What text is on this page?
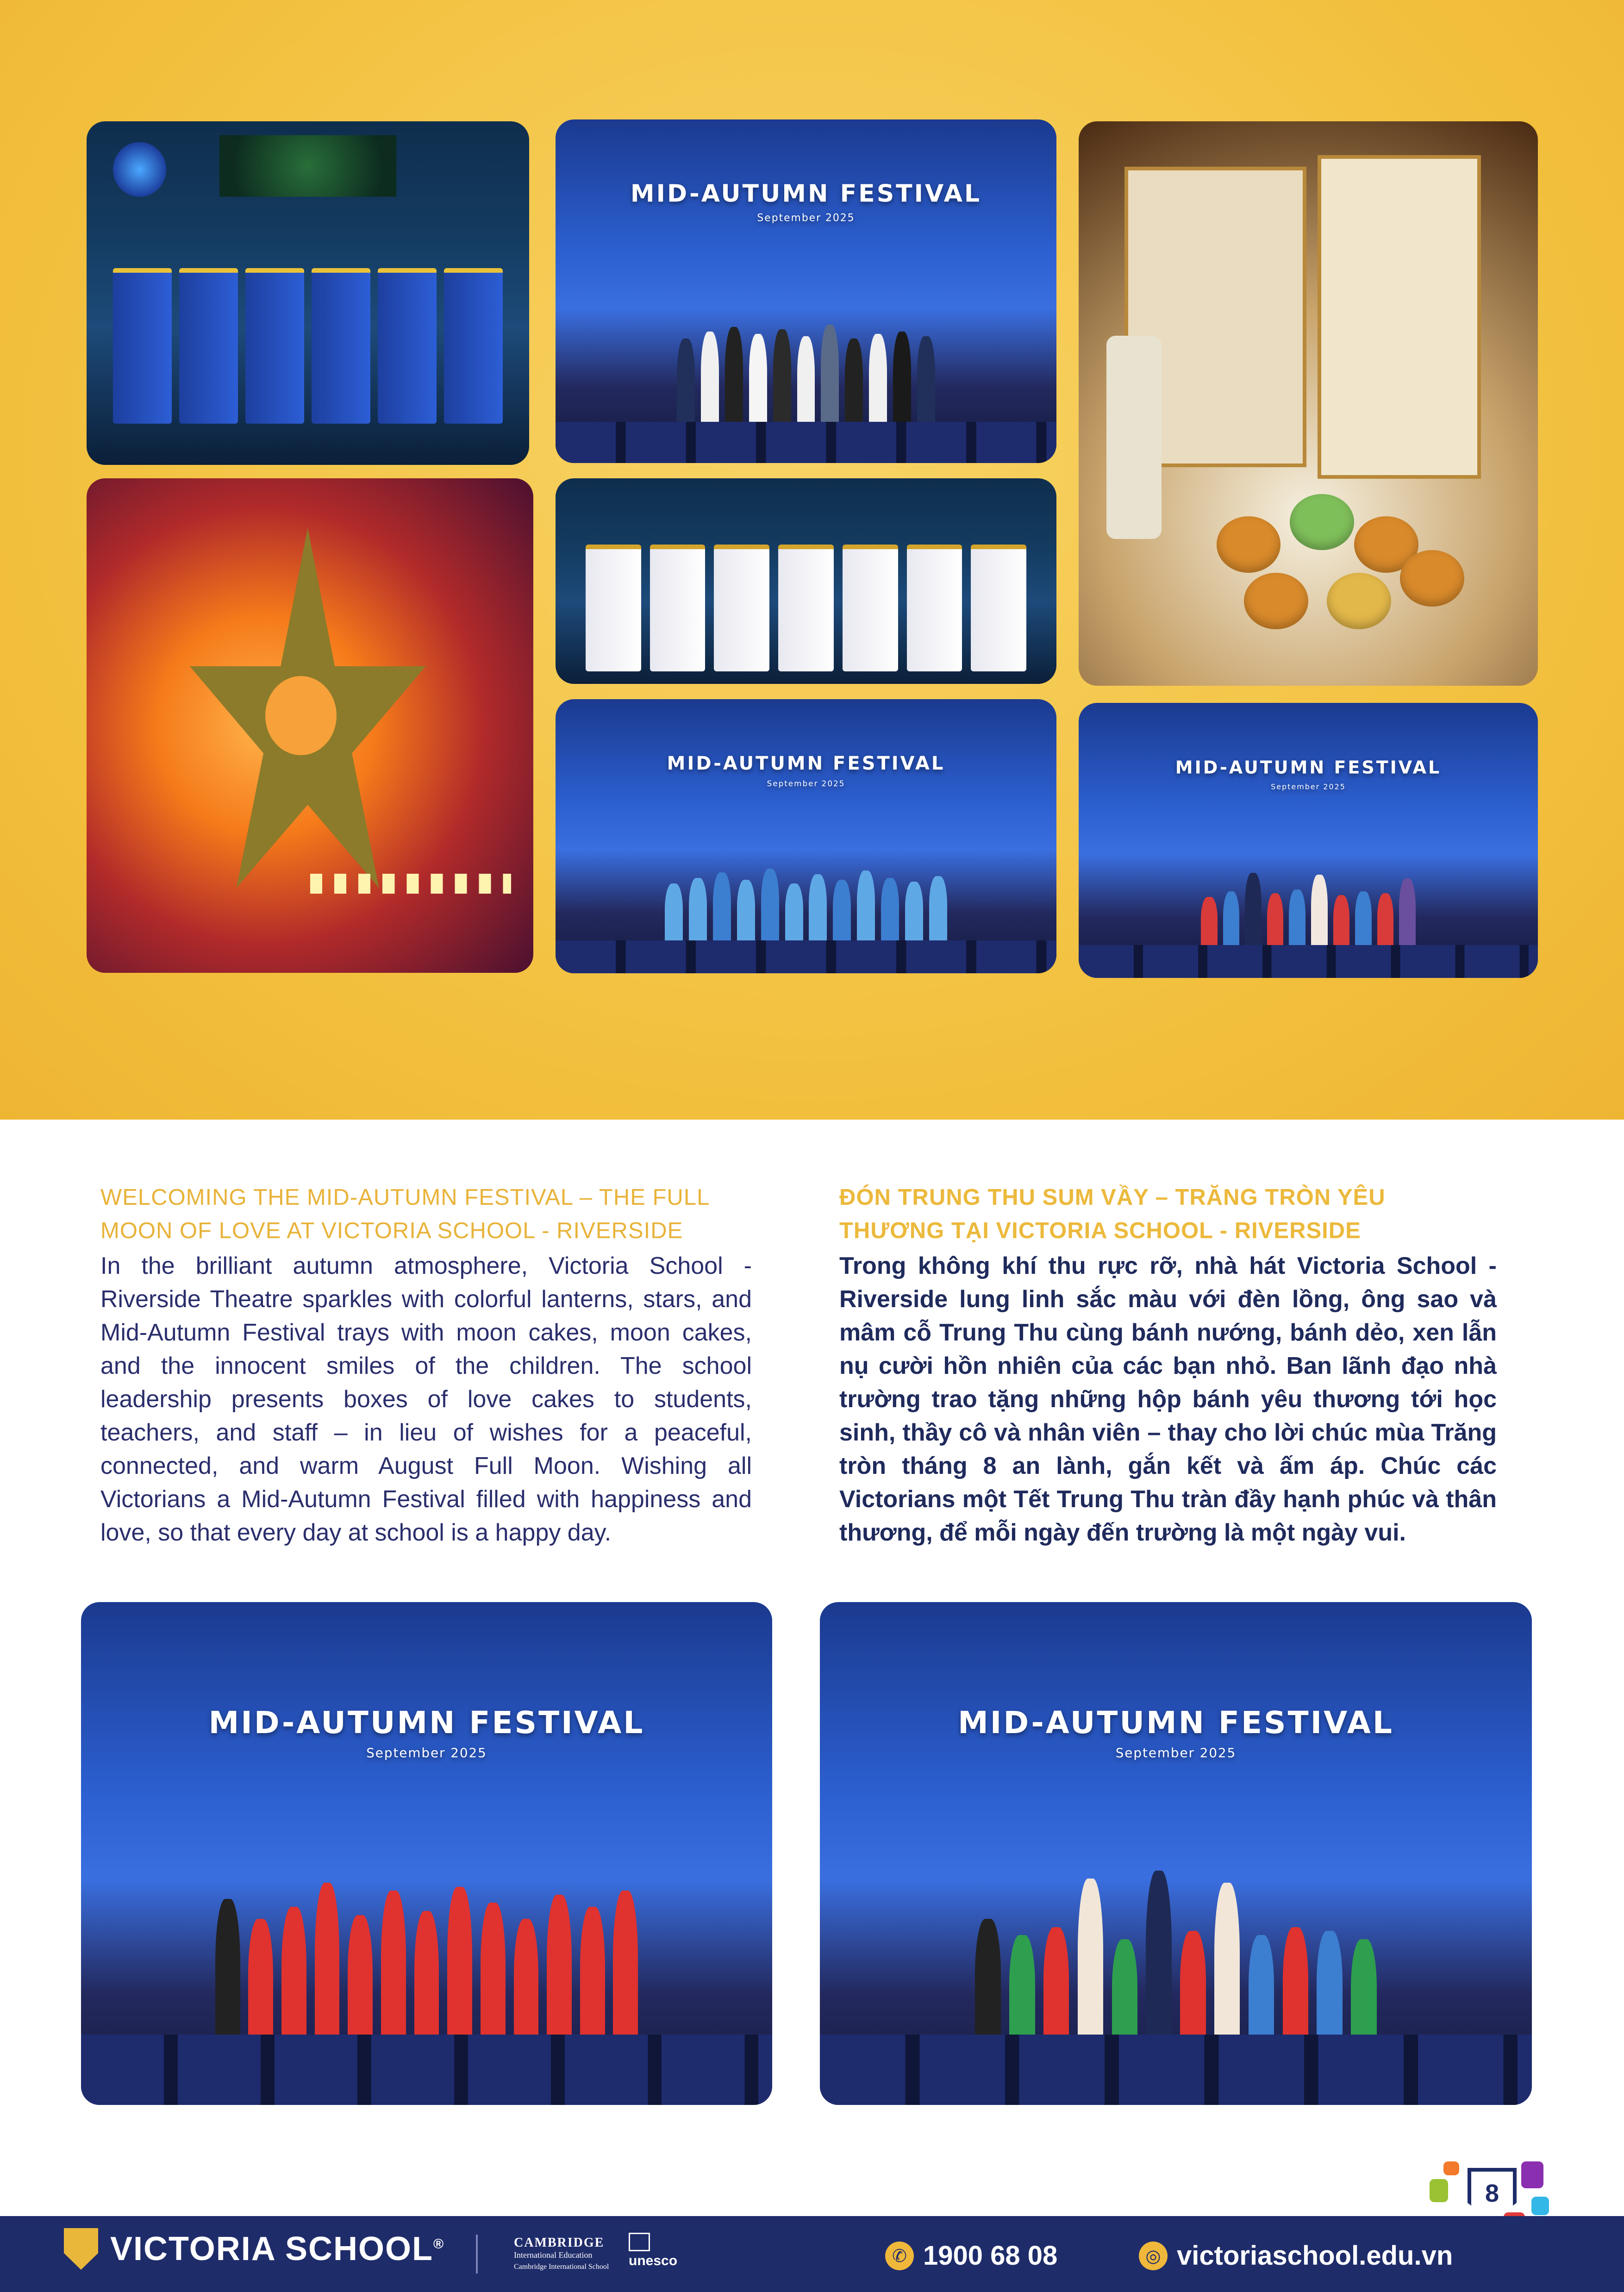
MID-AUTUMN FESTIVAL
September 2025
MID-AUTUMN FESTIVAL
September 2025
MID-AUTUMN FESTIVAL
September 2025
WELCOMING THE MID-AUTUMN FESTIVAL – THE FULL MOON OF LOVE AT VICTORIA SCHOOL - RIVERSIDE
In the brilliant autumn atmosphere, Victoria School - Riverside Theatre sparkles with colorful lanterns, stars, and Mid-Autumn Festival trays with moon cakes, moon cakes, and the innocent smiles of the children. The school leadership presents boxes of love cakes to students, teachers, and staff – in lieu of wishes for a peaceful, connected, and warm August Full Moon. Wishing all Victorians a Mid-Autumn Festival filled with happiness and love, so that every day at school is a happy day.
ĐÓN TRUNG THU SUM VẦY – TRĂNG TRÒN YÊU THƯƠNG TẠI VICTORIA SCHOOL - RIVERSIDE
Trong không khí thu rực rỡ, nhà hát Victoria School - Riverside lung linh sắc màu với đèn lồng, ông sao và mâm cỗ Trung Thu cùng bánh nướng, bánh dẻo, xen lẫn nụ cười hồn nhiên của các bạn nhỏ. Ban lãnh đạo nhà trường trao tặng những hộp bánh yêu thương tới học sinh, thầy cô và nhân viên – thay cho lời chúc mùa Trăng tròn tháng 8 an lành, gắn kết và ấm áp. Chúc các Victorians một Tết Trung Thu tràn đầy hạnh phúc và thân thương, để mỗi ngày đến trường là một ngày vui.
MID-AUTUMN FESTIVAL
September 2025
MID-AUTUMN FESTIVAL
September 2025
8
VICTORIA SCHOOL®	CAMBRIDGE
International Education
Cambridge International School unesco	✆ 1900 68 08	◎ victoriaschool.edu.vn
